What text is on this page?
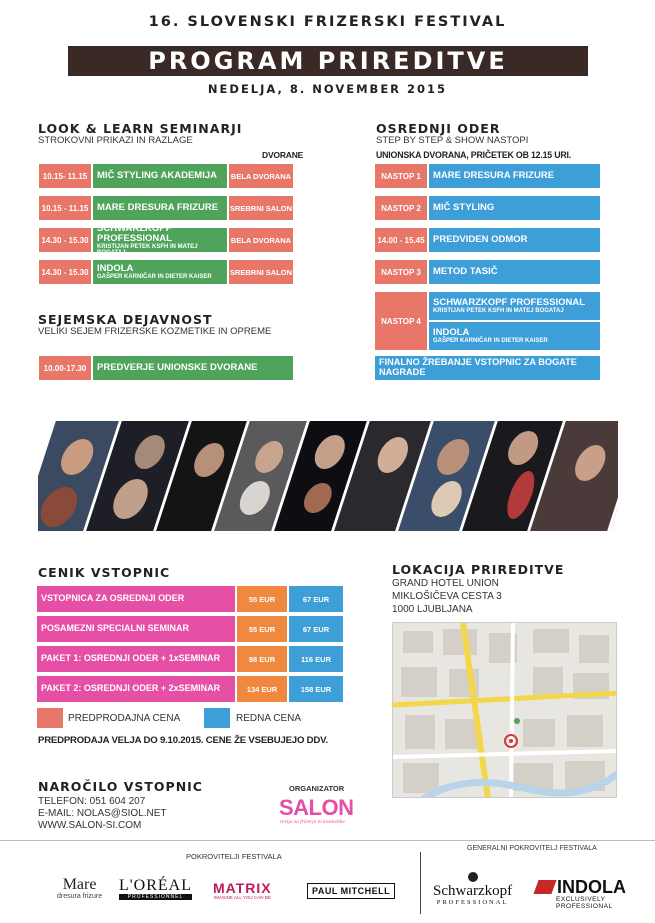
16. SLOVENSKI FRIZERSKI FESTIVAL
PROGRAM PRIREDITVE
NEDELJA, 8. NOVEMBER 2015
LOOK & LEARN SEMINARJI
STROKOVNI PRIKAZI IN RAZLAGE
DVORANE
10.15- 11.15	MIČ STYLING AKADEMIJA	BELA DVORANA
10.15 - 11.15 MARE DRESURA FRIZURE SREBRNI SALON
14.30 - 15.30
SCHWARZKOPF PROFESSIONAL
KRISTIJAN PETEK KSFH IN MATEJ BOGATAJ
BELA DVORANA
14.30 - 15.30 INDOLA
GAŠPER KARNIČAR IN DIETER KAISER
SREBRNI SALON
SEJEMSKA DEJAVNOST
VELIKI SEJEM FRIZERSKE KOZMETIKE IN OPREME
10.00-17.30	PREDVERJE UNIONSKE DVORANE
OSREDNJI ODER
STEP BY STEP & SHOW NASTOPI
UNIONSKA DVORANA, PRIČETEK OB 12.15 URI.
NASTOP 1	MARE DRESURA FRIZURE
NASTOP 2	MIČ STYLING
14.00 - 15.45 PREDVIDEN ODMOR
NASTOP 3	METOD TASIČ
NASTOP 4
SCHWARZKOPF PROFESSIONAL
KRISTIJAN PETEK KSFH IN MATEJ BOGATAJ
INDOLA
GAŠPER KARNIČAR IN DIETER KAISER
FINALNO ŽREBANJE VSTOPNIC ZA BOGATE NAGRADE
CENIK VSTOPNIC
VSTOPNICA ZA OSREDNJI ODER	55 EUR	67 EUR
POSAMEZNI SPECIALNI SEMINAR	55 EUR	67 EUR
PAKET 1: OSREDNJI ODER + 1xSEMINAR	98 EUR	116 EUR
PAKET 2: OSREDNJI ODER + 2xSEMINAR	134 EUR	158 EUR
PREDPRODAJNA CENA	REDNA CENA
PREDPRODAJA VELJA DO 9.10.2015. CENE ŽE VSEBUJEJO DDV.
LOKACIJA PRIREDITVE
GRAND HOTEL UNION
MIKLOŠIČEVA CESTA 3
1000 LJUBLJANA
NAROČILO VSTOPNIC
TELEFON: 051 604 207
E-MAIL: NOLAS@SIOL.NET
WWW.SALON-SI.COM
ORGANIZATOR
SALON
revija za frizerje in kozmetike
POKROVITELJI FESTIVALA
GENERALNI POKROVITELJ FESTIVALA
Mare
dresura frizure
L'ORÉAL
PROFESSIONNEL
MATRIX
IMAGINE ALL YOU CAN BE
PAUL MITCHELL	Schwarzkopf
PROFESSIONAL
INDOLA
EXCLUSIVELY PROFESSIONAL
